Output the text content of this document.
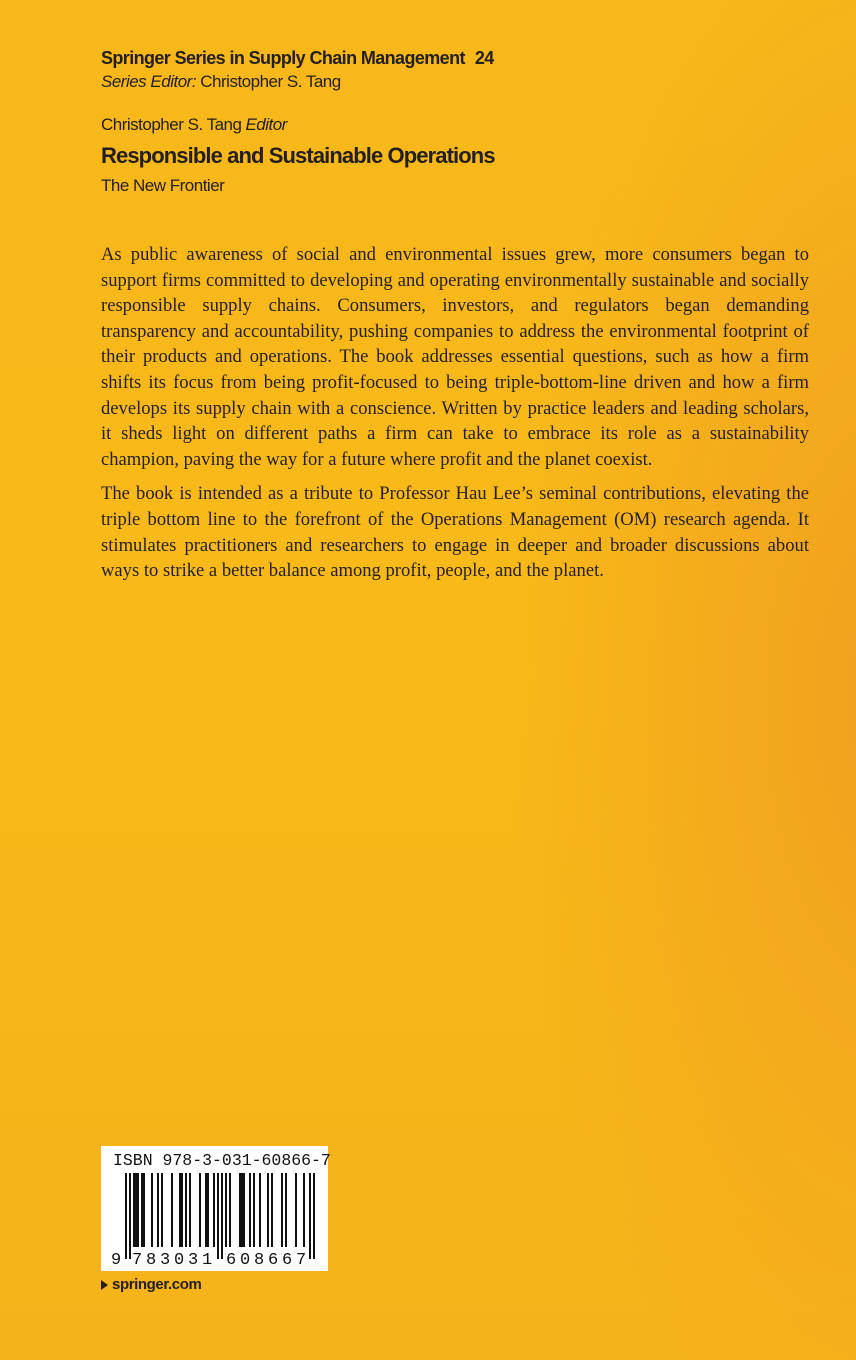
Springer Series in Supply Chain Management 24
Series Editor: Christopher S. Tang
Christopher S. Tang Editor
Responsible and Sustainable Operations
The New Frontier

As public awareness of social and environmental issues grew, more consumers began to support firms committed to developing and operating environmentally sustainable and socially responsible supply chains. Consumers, investors, and regulators began demanding transparency and accountability, pushing companies to address the environmental footprint of their products and operations. The book addresses essential questions, such as how a firm shifts its focus from being profit-focused to being triple-bottom-line driven and how a firm develops its supply chain with a conscience. Written by practice leaders and leading scholars, it sheds light on different paths a firm can take to embrace its role as a sustainability champion, paving the way for a future where profit and the planet coexist.

The book is intended as a tribute to Professor Hau Lee’s seminal contributions, elevating the triple bottom line to the forefront of the Operations Management (OM) research agenda. It stimulates practitioners and researchers to engage in deeper and broader discussions about ways to strike a better balance among profit, people, and the planet.

ISBN 978-3-031-60866-7
9 7 8 3 0 3 1 6 0 8 6 6 7
springer.com
